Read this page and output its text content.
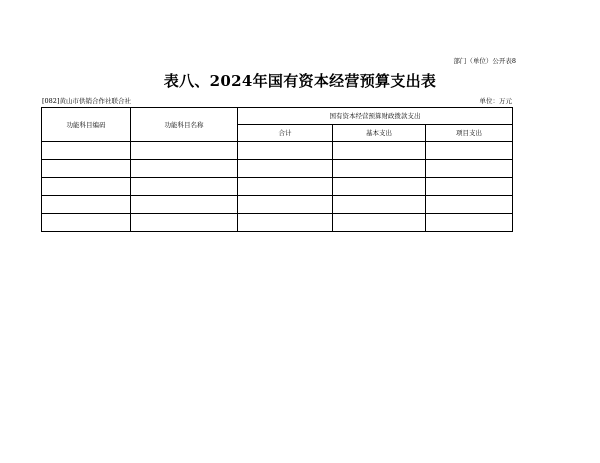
部门（单位）公开表8
表八、2024年国有资本经营预算支出表
[082]黄山市供销合作社联合社	单位：万元
功能科目编码	功能科目名称	国有资本经营预算财政拨款支出		
		合计	基本支出	项目支出
